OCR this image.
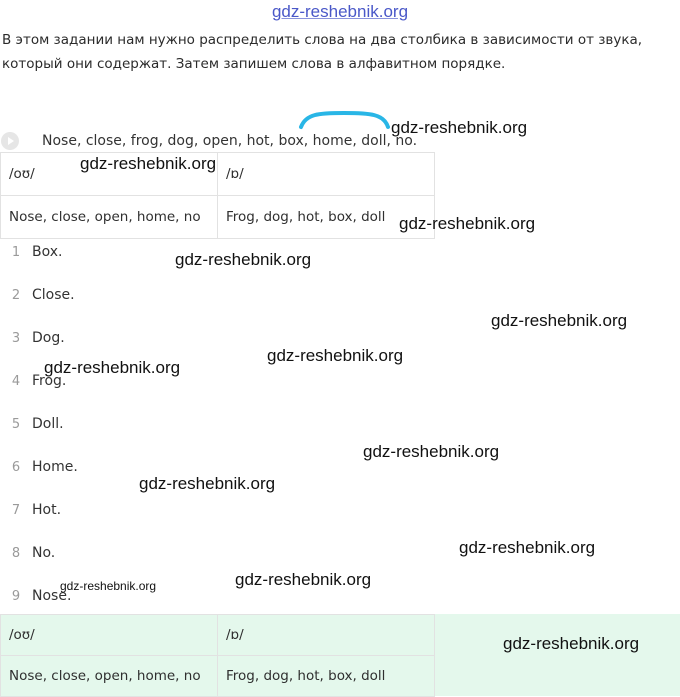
gdz-reshebnik.org
В этом задании нам нужно распределить слова на два столбика в зависимости от звука, который они содержат. Затем запишем слова в алфавитном порядке.
Nose, close, frog, dog, open, hot, box, home, doll, no.
/oʊ/	/ɒ/
Nose, close, open, home, no	Frog, dog, hot, box, doll
1 Box.
2 Close.
3 Dog.
4 Frog.
5 Doll.
6 Home.
7 Hot.
8 No.
9 Nose.
/oʊ/	/ɒ/
Nose, close, open, home, no	Frog, dog, hot, box, doll
gdz-reshebnik.org
gdz-reshebnik.org
gdz-reshebnik.org
gdz-reshebnik.org
gdz-reshebnik.org
gdz-reshebnik.org
gdz-reshebnik.org
gdz-reshebnik.org
gdz-reshebnik.org
gdz-reshebnik.org
gdz-reshebnik.org
gdz-reshebnik.org
gdz-reshebnik.org
